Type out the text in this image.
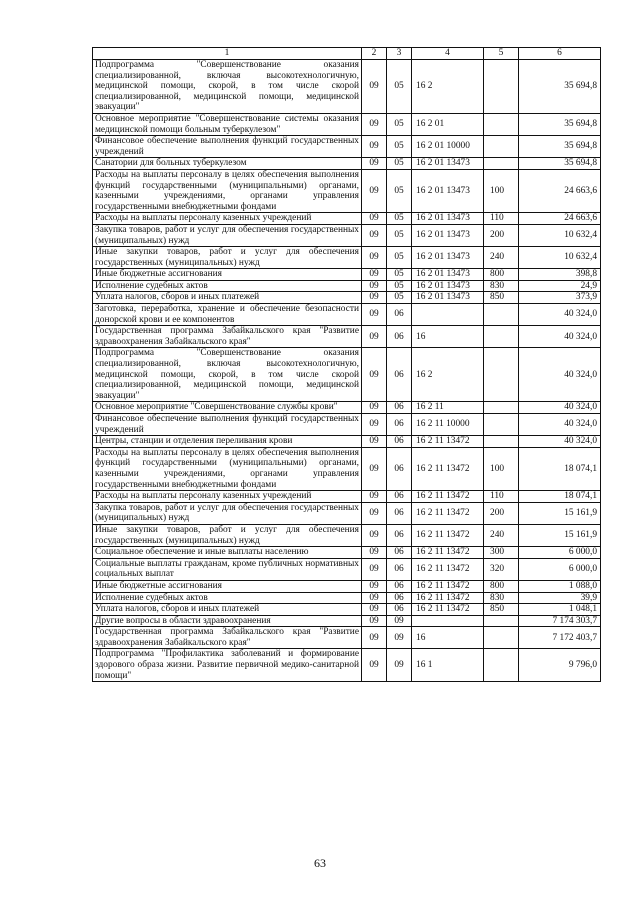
1	2	3	4	5	6
Подпрограмма "Совершенствование оказания специализированной, включая высокотехнологичную, медицинской помощи, скорой, в том числе скорой специализированной, медицинской помощи, медицинской эвакуации"	09	05	16 2		35 694,8
Основное мероприятие "Совершенствование системы оказания медицинской помощи больным туберкулезом"	09	05	16 2 01		35 694,8
Финансовое обеспечение выполнения функций государственных учреждений	09	05	16 2 01 10000		35 694,8
Санатории для больных туберкулезом	09	05	16 2 01 13473		35 694,8
Расходы на выплаты персоналу в целях обеспечения выполнения функций государственными (муниципальными) органами, казенными учреждениями, органами управления государственными внебюджетными фондами	09	05	16 2 01 13473	100	24 663,6
Расходы на выплаты персоналу казенных учреждений	09	05	16 2 01 13473	110	24 663,6
Закупка товаров, работ и услуг для обеспечения государственных (муниципальных) нужд	09	05	16 2 01 13473	200	10 632,4
Иные закупки товаров, работ и услуг для обеспечения государственных (муниципальных) нужд	09	05	16 2 01 13473	240	10 632,4
Иные бюджетные ассигнования	09	05	16 2 01 13473	800	398,8
Исполнение судебных актов	09	05	16 2 01 13473	830	24,9
Уплата налогов, сборов и иных платежей	09	05	16 2 01 13473	850	373,9
Заготовка, переработка, хранение и обеспечение безопасности донорской крови и ее компонентов	09	06			40 324,0
Государственная программа Забайкальского края "Развитие здравоохранения Забайкальского края"	09	06	16		40 324,0
Подпрограмма "Совершенствование оказания специализированной, включая высокотехнологичную, медицинской помощи, скорой, в том числе скорой специализированной, медицинской помощи, медицинской эвакуации"	09	06	16 2		40 324,0
Основное мероприятие "Совершенствование службы крови"	09	06	16 2 11		40 324,0
Финансовое обеспечение выполнения функций государственных учреждений	09	06	16 2 11 10000		40 324,0
Центры, станции и отделения переливания крови	09	06	16 2 11 13472		40 324,0
Расходы на выплаты персоналу в целях обеспечения выполнения функций государственными (муниципальными) органами, казенными учреждениями, органами управления государственными внебюджетными фондами	09	06	16 2 11 13472	100	18 074,1
Расходы на выплаты персоналу казенных учреждений	09	06	16 2 11 13472	110	18 074,1
Закупка товаров, работ и услуг для обеспечения государственных (муниципальных) нужд	09	06	16 2 11 13472	200	15 161,9
Иные закупки товаров, работ и услуг для обеспечения государственных (муниципальных) нужд	09	06	16 2 11 13472	240	15 161,9
Социальное обеспечение и иные выплаты населению	09	06	16 2 11 13472	300	6 000,0
Социальные выплаты гражданам, кроме публичных нормативных социальных выплат	09	06	16 2 11 13472	320	6 000,0
Иные бюджетные ассигнования	09	06	16 2 11 13472	800	1 088,0
Исполнение судебных актов	09	06	16 2 11 13472	830	39,9
Уплата налогов, сборов и иных платежей	09	06	16 2 11 13472	850	1 048,1
Другие вопросы в области здравоохранения	09	09			7 174 303,7
Государственная программа Забайкальского края "Развитие здравоохранения Забайкальского края"	09	09	16		7 172 403,7
Подпрограмма "Профилактика заболеваний и формирование здорового образа жизни. Развитие первичной медико-санитарной помощи"	09	09	16 1		9 796,0
63
